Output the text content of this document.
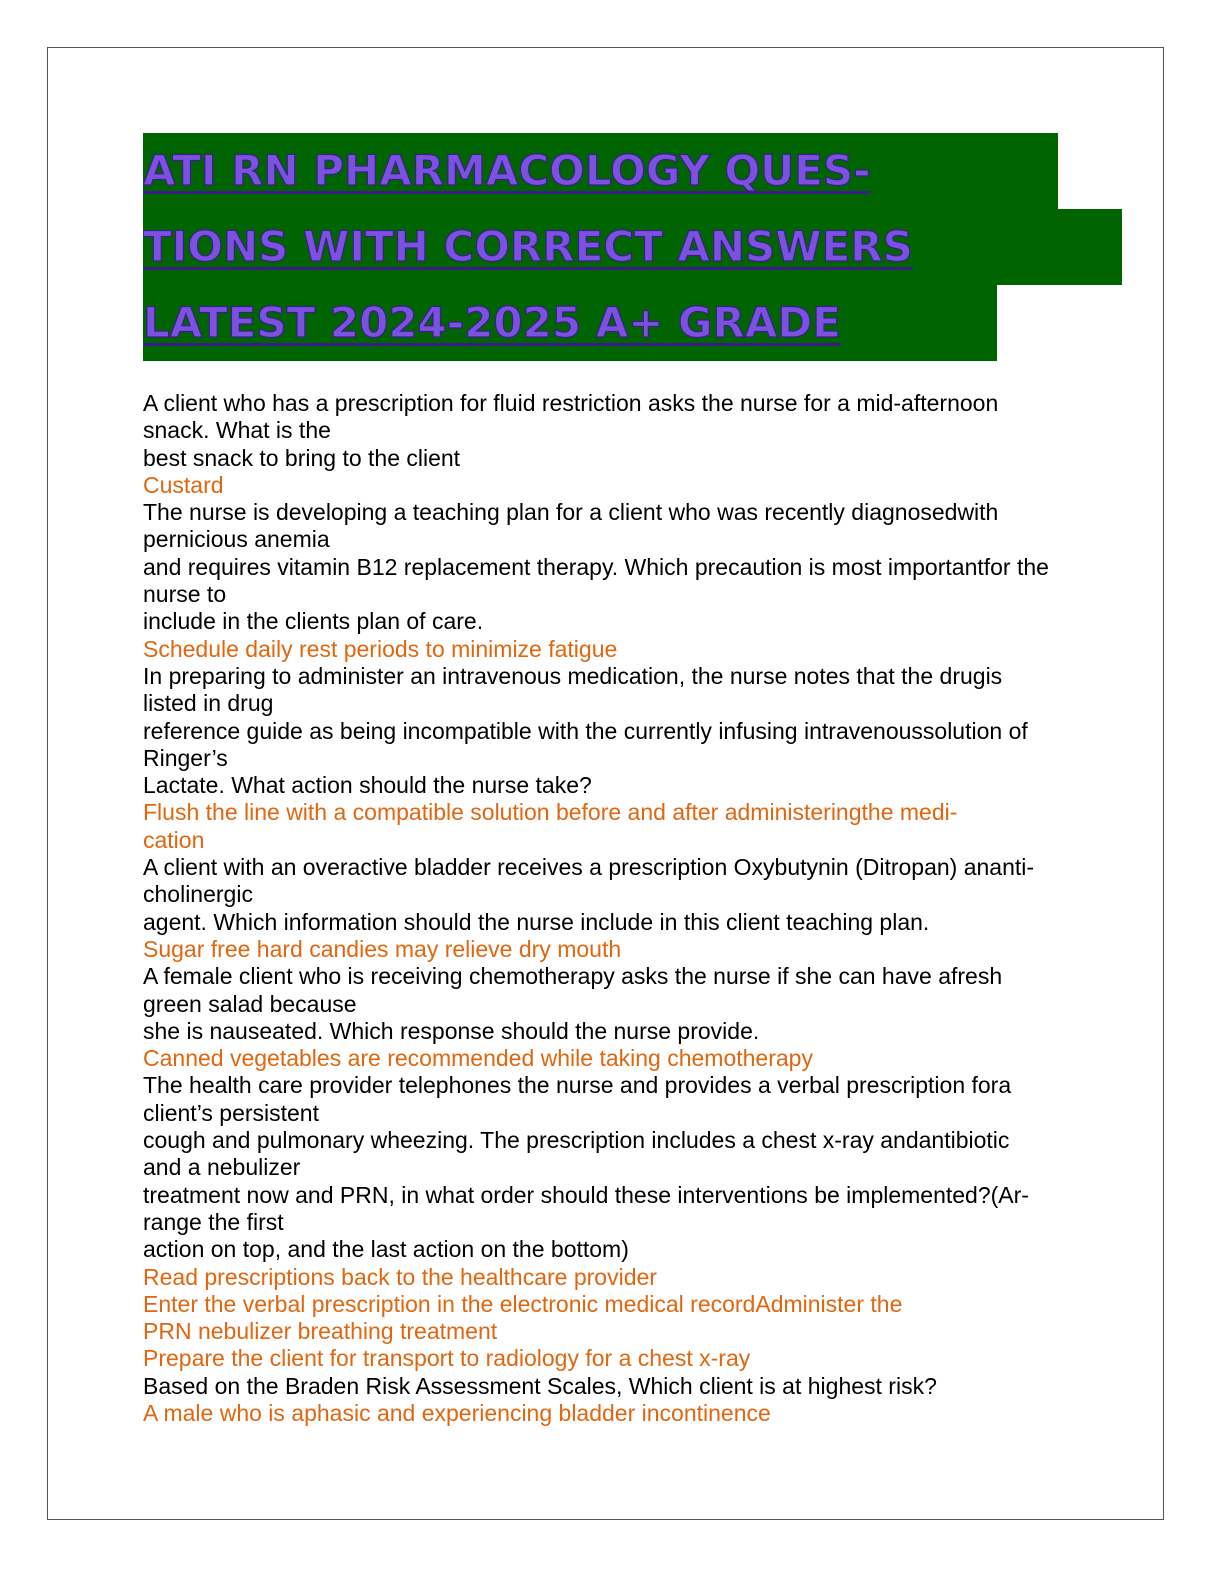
ATI RN PHARMACOLOGY QUES-
TIONS WITH CORRECT ANSWERS
LATEST 2024-2025 A+ GRADE
A client who has a prescription for fluid restriction asks the nurse for a mid-afternoon
snack. What is the
best snack to bring to the client
Custard
The nurse is developing a teaching plan for a client who was recently diagnosedwith
pernicious anemia
and requires vitamin B12 replacement therapy. Which precaution is most importantfor the
nurse to
include in the clients plan of care.
Schedule daily rest periods to minimize fatigue
In preparing to administer an intravenous medication, the nurse notes that the drugis
listed in drug
reference guide as being incompatible with the currently infusing intravenoussolution of
Ringer’s
Lactate. What action should the nurse take?
Flush the line with a compatible solution before and after administeringthe medi-
cation
A client with an overactive bladder receives a prescription Oxybutynin (Ditropan) ananti-
cholinergic
agent. Which information should the nurse include in this client teaching plan.
Sugar free hard candies may relieve dry mouth
A female client who is receiving chemotherapy asks the nurse if she can have afresh
green salad because
she is nauseated. Which response should the nurse provide.
Canned vegetables are recommended while taking chemotherapy
The health care provider telephones the nurse and provides a verbal prescription fora
client’s persistent
cough and pulmonary wheezing. The prescription includes a chest x-ray andantibiotic
and a nebulizer
treatment now and PRN, in what order should these interventions be implemented?(Ar-
range the first
action on top, and the last action on the bottom)
Read prescriptions back to the healthcare provider
Enter the verbal prescription in the electronic medical recordAdminister the
PRN nebulizer breathing treatment
Prepare the client for transport to radiology for a chest x-ray
Based on the Braden Risk Assessment Scales, Which client is at highest risk?
A male who is aphasic and experiencing bladder incontinence
